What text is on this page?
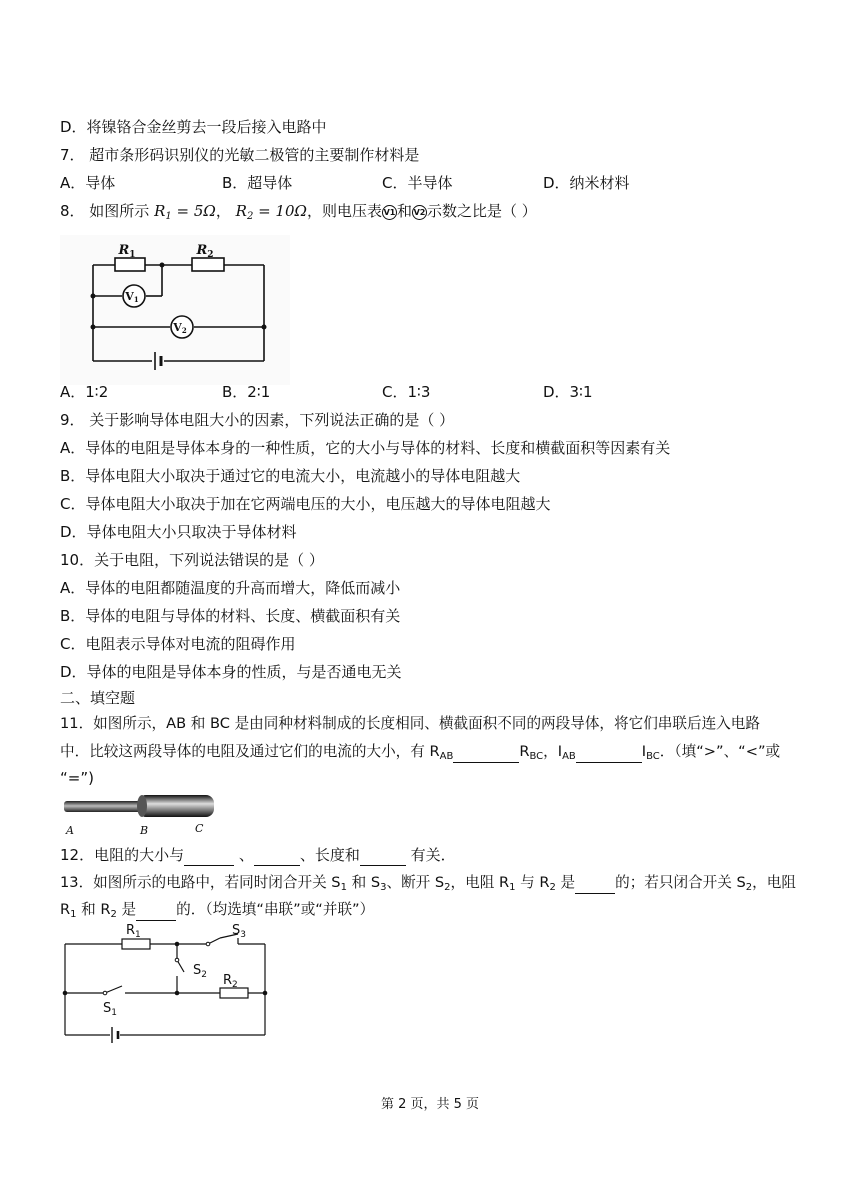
D．将镍铬合金丝剪去一段后接入电路中
7． 超市条形码识别仪的光敏二极管的主要制作材料是
A．导体	B．超导体	C．半导体	D．纳米材料
8． 如图所示 $R_1 = 5\Omega$， $R_2 = 10\Omega$，则电压表 V1 和 V2 示数之比是（ ）
$R_1$	$R_2$
V1
V2
A．1∶2	B．2∶1	C．1∶3	D．3∶1
9． 关于影响导体电阻大小的因素，下列说法正确的是（ ）
A．导体的电阻是导体本身的一种性质，它的大小与导体的材料、长度和横截面积等因素有关
B．导体电阻大小取决于通过它的电流大小，电流越小的导体电阻越大
C．导体电阻大小取决于加在它两端电压的大小，电压越大的导体电阻越大
D．导体电阻大小只取决于导体材料
10．关于电阻，下列说法错误的是（ ）
A．导体的电阻都随温度的升高而增大，降低而减小
B．导体的电阻与导体的材料、长度、横截面积有关
C．电阻表示导体对电流的阻碍作用
D．导体的电阻是导体本身的性质，与是否通电无关
二、填空题
11．如图所示，AB 和 BC 是由同种材料制成的长度相同、横截面积不同的两段导体，将它们串联后连入电路
中．比较这两段导体的电阻及通过它们的电流的大小，有 $R_{AB}$	$R_{BC}$，$I_{AB}$	$I_{BC}$．（填“>”、“<”或
“=”)
A	B	C
12．电阻的大小与	、	、长度和	有关．
13．如图所示的电路中，若同时闭合开关 $S_1$ 和 $S_3$、断开 $S_2$，电阻 $R_1$ 与 $R_2$ 是	的；若只闭合开关 $S_2$，电阻
$R_1$ 和 $R_2$ 是	的．（均选填“串联”或“并联”）
$R_1$
$R_2$
$S_1$
$S_2$
$S_3$
第 2 页，共 5 页
